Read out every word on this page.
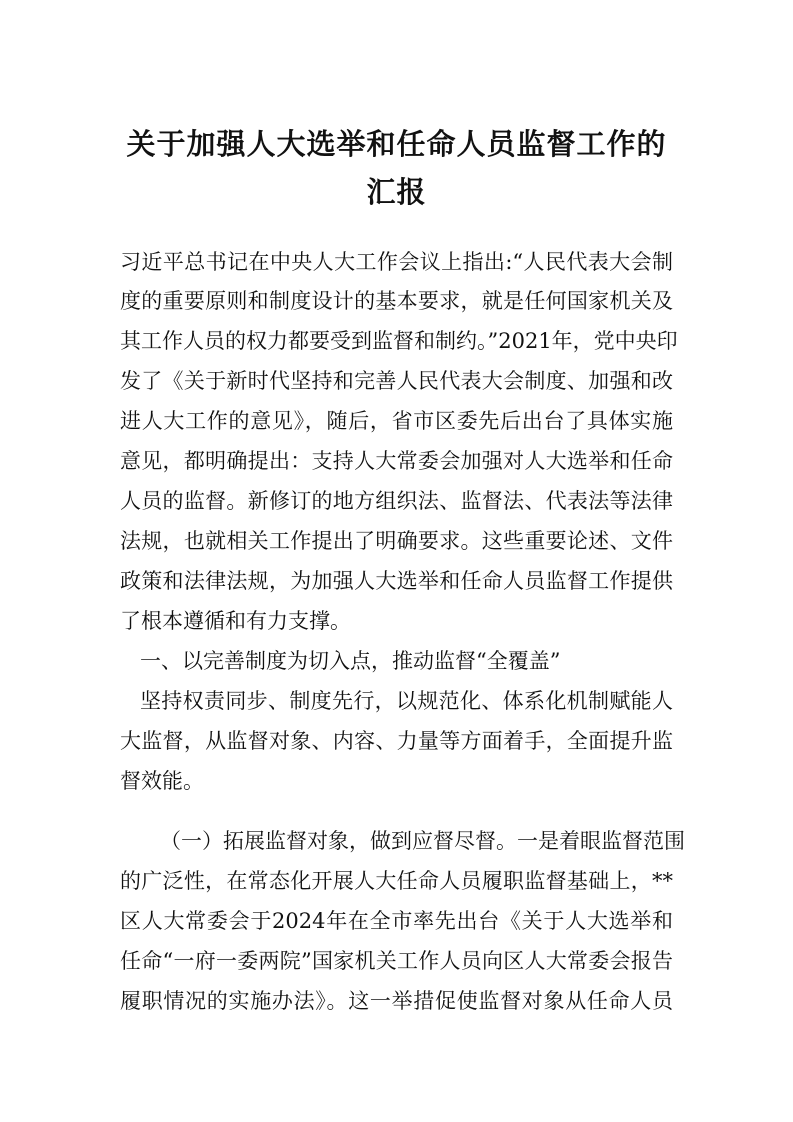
关于加强人大选举和任命人员监督工作的
汇报
习近平总书记在中央人大工作会议上指出:“人民代表大会制
度的重要原则和制度设计的基本要求，就是任何国家机关及
其工作人员的权力都要受到监督和制约。”2021年，党中央印
发了《关于新时代坚持和完善人民代表大会制度、加强和改
进人大工作的意见》，随后，省市区委先后出台了具体实施
意见，都明确提出：支持人大常委会加强对人大选举和任命
人员的监督。新修订的地方组织法、监督法、代表法等法律
法规，也就相关工作提出了明确要求。这些重要论述、文件
政策和法律法规，为加强人大选举和任命人员监督工作提供
了根本遵循和有力支撑。
一、以完善制度为切入点，推动监督“全覆盖”
坚持权责同步、制度先行，以规范化、体系化机制赋能人
大监督，从监督对象、内容、力量等方面着手，全面提升监
督效能。
（一）拓展监督对象，做到应督尽督。一是着眼监督范围
的广泛性，在常态化开展人大任命人员履职监督基础上，**
区人大常委会于2024年在全市率先出台《关于人大选举和
任命“一府一委两院”国家机关工作人员向区人大常委会报告
履职情况的实施办法》。这一举措促使监督对象从任命人员
